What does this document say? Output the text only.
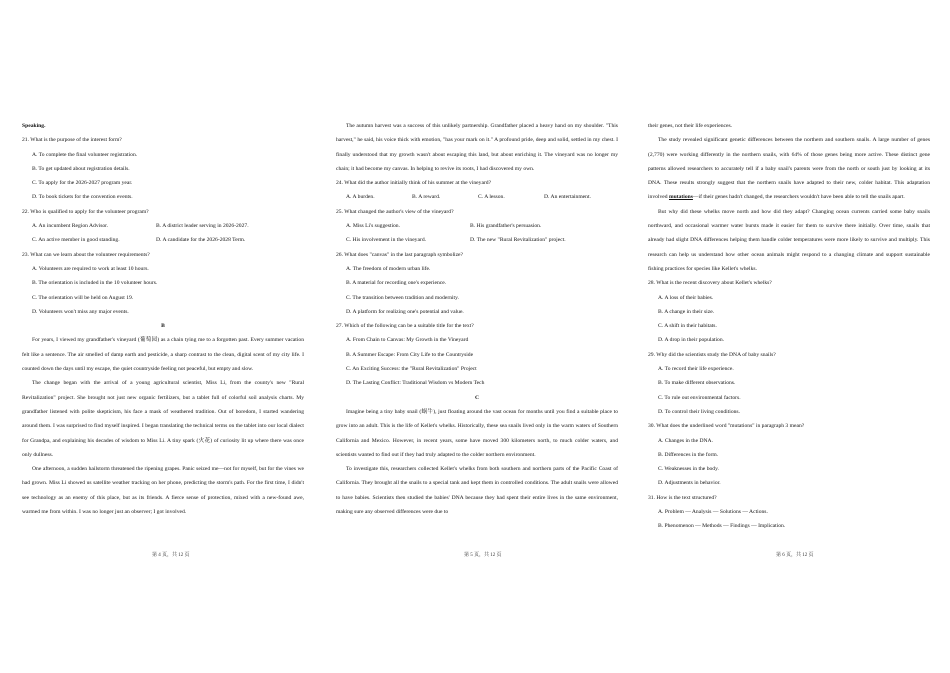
Speaking.
21. What is the purpose of the interest form?
A. To complete the final volunteer registration.
B. To get updated about registration details.
C. To apply for the 2026-2027 program year.
D. To book tickets for the convention events.
22. Who is qualified to apply for the volunteer program?
A. An incumbent Region Advisor.	B. A district leader serving in 2026-2027.
C. An active member in good standing.	D. A candidate for the 2026-2028 Term.
23. What can we learn about the volunteer requirements?
A. Volunteers are required to work at least 10 hours.
B. The orientation is included in the 10 volunteer hours.
C. The orientation will be held on August 19.
D. Volunteers won't miss any major events.
B
For years, I viewed my grandfather's vineyard (葡萄园) as a chain tying me to a forgotten past. Every summer vacation felt like a sentence. The air smelled of damp earth and pesticide, a sharp contrast to the clean, digital scent of my city life. I counted down the days until my escape, the quiet countryside feeling not peaceful, but empty and slow.
The change began with the arrival of a young agricultural scientist, Miss Li, from the county's new "Rural Revitalization" project. She brought not just new organic fertilizers, but a tablet full of colorful soil analysis charts. My grandfather listened with polite skepticism, his face a mask of weathered tradition. Out of boredom, I started wandering around them. I was surprised to find myself inspired. I began translating the technical terms on the tablet into our local dialect for Grandpa, and explaining his decades of wisdom to Miss Li. A tiny spark (火花) of curiosity lit up where there was once only dullness.
One afternoon, a sudden hailstorm threatened the ripening grapes. Panic seized me—not for myself, but for the vines we had grown. Miss Li showed us satellite weather tracking on her phone, predicting the storm's path. For the first time, I didn't see technology as an enemy of this place, but as its friends. A fierce sense of protection, mixed with a new-found awe, warmed me from within. I was no longer just an observer; I got involved.
The autumn harvest was a success of this unlikely partnership. Grandfather placed a heavy hand on my shoulder. "This harvest," he said, his voice thick with emotion, "has your mark on it." A profound pride, deep and solid, settled in my chest. I finally understood that my growth wasn't about escaping this land, but about enriching it. The vineyard was no longer my chain; it had become my canvas. In helping to revive its roots, I had discovered my own.
24. What did the author initially think of his summer at the vineyard?
A. A burden.	B. A reward.	C. A lesson.	D. An entertainment.
25. What changed the author's view of the vineyard?
A. Miss Li's suggestion.	B. His grandfather's persuasion.
C. His involvement in the vineyard.	D. The new "Rural Revitalization" project.
26. What does "canvas" in the last paragraph symbolize?
A. The freedom of modern urban life.
B. A material for recording one's experience.
C. The transition between tradition and modernity.
D. A platform for realizing one's potential and value.
27. Which of the following can be a suitable title for the text?
A. From Chain to Canvas: My Growth in the Vineyard
B. A Summer Escape: From City Life to the Countryside
C. An Exciting Success: the "Rural Revitalization" Project
D. The Lasting Conflict: Traditional Wisdom vs Modern Tech
C
Imagine being a tiny baby snail (蜗牛), just floating around the vast ocean for months until you find a suitable place to grow into an adult. This is the life of Kellet's whelks. Historically, these sea snails lived only in the warm waters of Southern California and Mexico. However, in recent years, some have moved 300 kilometers north, to much colder waters, and scientists wanted to find out if they had truly adapted to the colder northern environment.
To investigate this, researchers collected Kellet's whelks from both southern and northern parts of the Pacific Coast of California. They brought all the snails to a special tank and kept them in controlled conditions. The adult snails were allowed to have babies. Scientists then studied the babies' DNA because they had spent their entire lives in the same environment, making sure any observed differences were due to
their genes, not their life experiences.
The study revealed significant genetic differences between the northern and southern snails. A large number of genes (2,770) were working differently in the northern snails, with 64% of those genes being more active. These distinct gene patterns allowed researchers to accurately tell if a baby snail's parents were from the north or south just by looking at its DNA. These results strongly suggest that the northern snails have adapted to their new, colder habitat. This adaptation involved mutations—if their genes hadn't changed, the researchers wouldn't have been able to tell the snails apart.
But why did these whelks move north and how did they adapt? Changing ocean currents carried some baby snails northward, and occasional warmer water bursts made it easier for them to survive there initially. Over time, snails that already had slight DNA differences helping them handle colder temperatures were more likely to survive and multiply. This research can help us understand how other ocean animals might respond to a changing climate and support sustainable fishing practices for species like Kellet's whelks.
28. What is the recent discovery about Kellet's whelks?
A. A loss of their babies.
B. A change in their size.
C. A shift in their habitats.
D. A drop in their population.
29. Why did the scientists study the DNA of baby snails?
A. To record their life experience.
B. To make different observations.
C. To rule out environmental factors.
D. To control their living conditions.
30. What does the underlined word "mutations" in paragraph 3 mean?
A. Changes in the DNA.
B. Differences in the form.
C. Weaknesses in the body.
D. Adjustments in behavior.
31. How is the text structured?
A. Problem — Analysis — Solutions — Actions.
B. Phenomenon — Methods — Findings — Implication.
第 4 页，共 12 页	第 5 页，共 12 页	第 6 页，共 12 页
